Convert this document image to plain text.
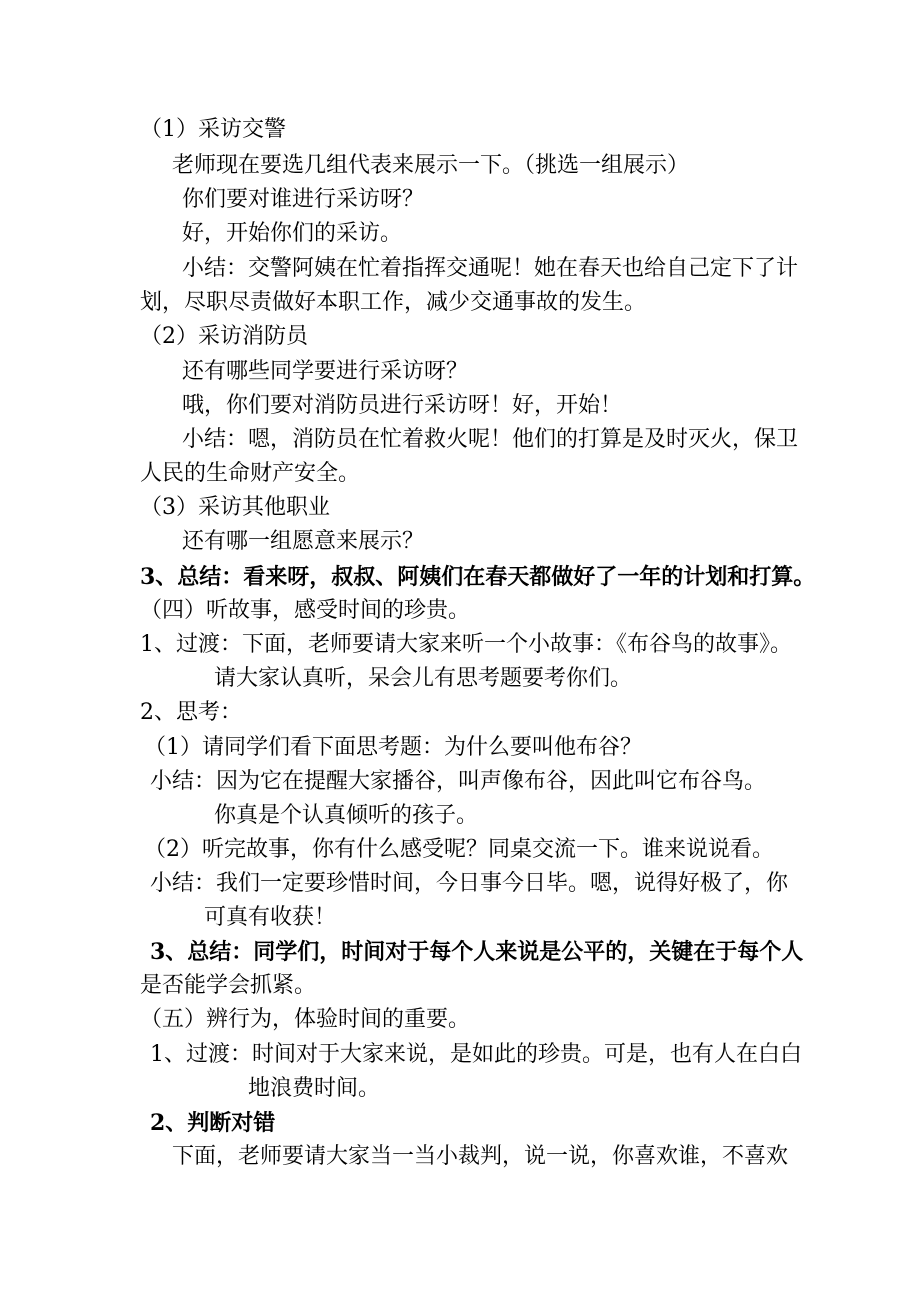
（1）采访交警
老师现在要选几组代表来展示一下。（挑选一组展示）
你们要对谁进行采访呀？
好，开始你们的采访。
小结：交警阿姨在忙着指挥交通呢！她在春天也给自己定下了计
划，尽职尽责做好本职工作，减少交通事故的发生。
（2）采访消防员
还有哪些同学要进行采访呀？
哦，你们要对消防员进行采访呀！好，开始！
小结：嗯，消防员在忙着救火呢！他们的打算是及时灭火，保卫
人民的生命财产安全。
（3）采访其他职业
还有哪一组愿意来展示？
3、总结：看来呀，叔叔、阿姨们在春天都做好了一年的计划和打算。
（四）听故事，感受时间的珍贵。
1、过渡：下面，老师要请大家来听一个小故事：《布谷鸟的故事》。
请大家认真听，呆会儿有思考题要考你们。
2、思考：
（1）请同学们看下面思考题：为什么要叫他布谷？
小结：因为它在提醒大家播谷，叫声像布谷，因此叫它布谷鸟。
你真是个认真倾听的孩子。
（2）听完故事，你有什么感受呢？同桌交流一下。谁来说说看。
小结：我们一定要珍惜时间，今日事今日毕。嗯，说得好极了，你
可真有收获！
3、总结：同学们，时间对于每个人来说是公平的，关键在于每个人
是否能学会抓紧。
（五）辨行为，体验时间的重要。
1、过渡：时间对于大家来说，是如此的珍贵。可是，也有人在白白
地浪费时间。
2、判断对错
下面，老师要请大家当一当小裁判，说一说，你喜欢谁，不喜欢
